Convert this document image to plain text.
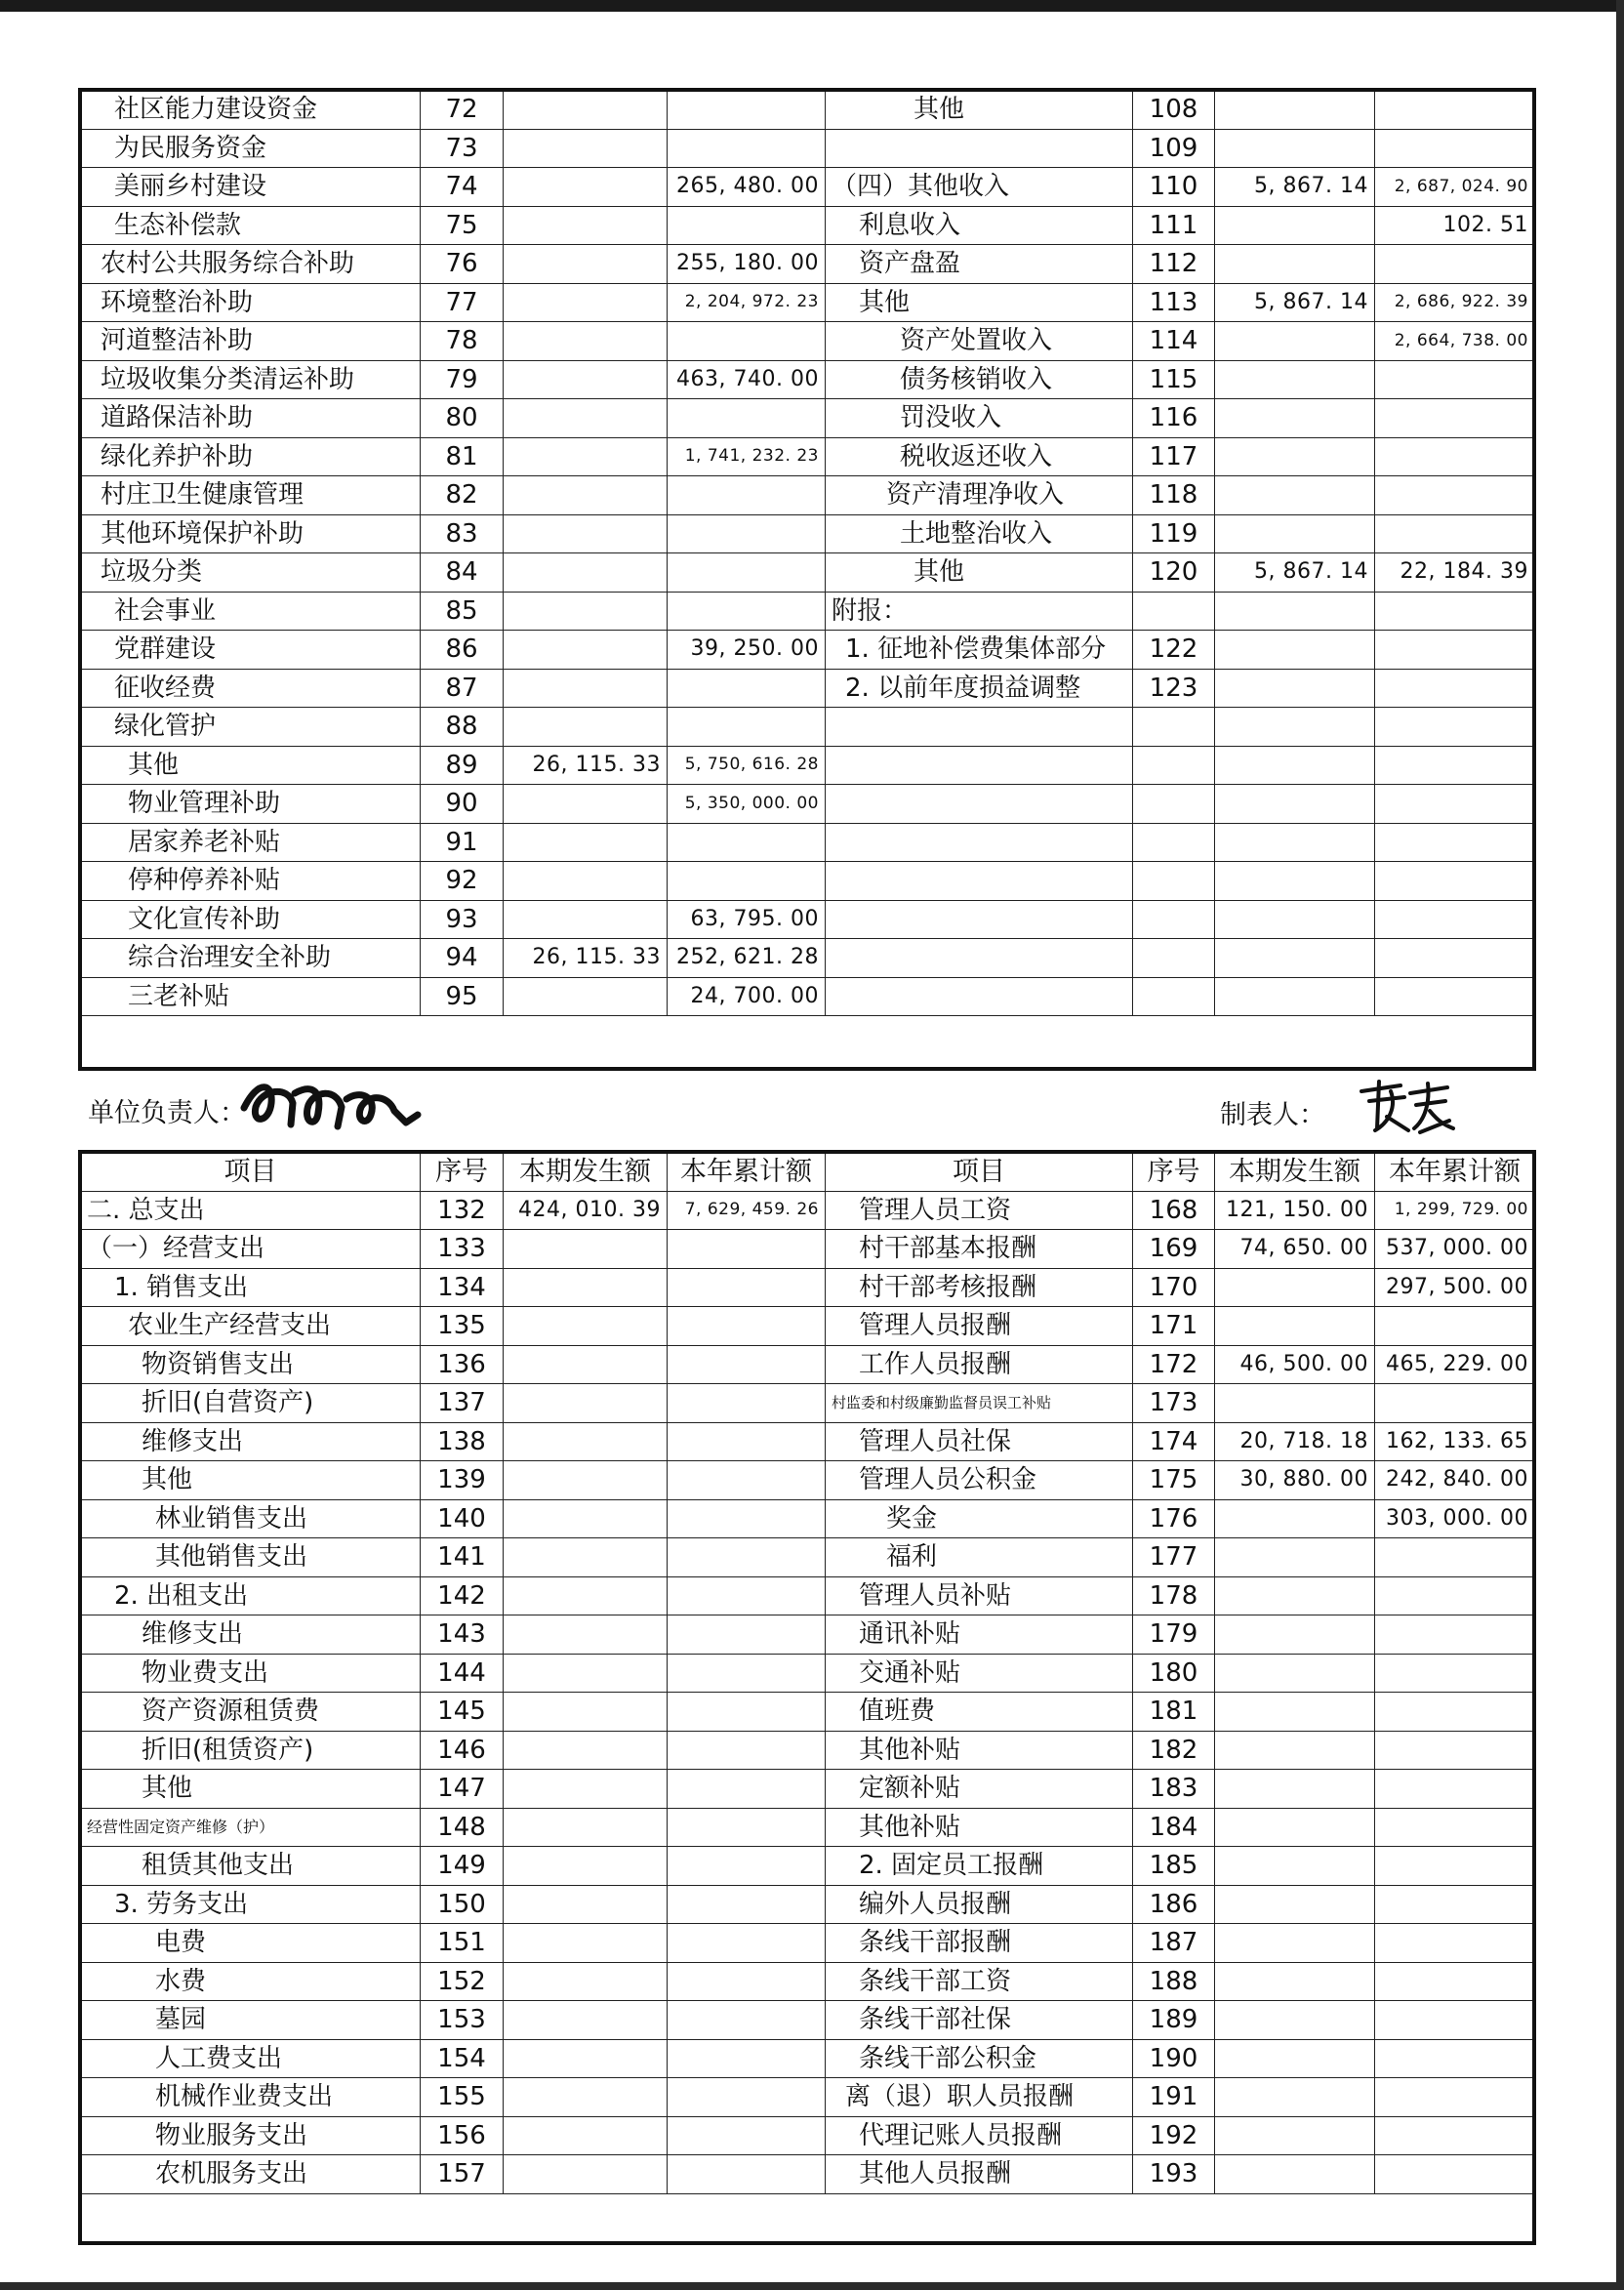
社区能力建设资金	72			其他	108		
为民服务资金	73				109		
美丽乡村建设	74		265, 480. 00	（四）其他收入	110	5, 867. 14	2, 687, 024. 90
生态补偿款	75			利息收入	111		102. 51
农村公共服务综合补助	76		255, 180. 00	资产盘盈	112		
环境整治补助	77		2, 204, 972. 23	其他	113	5, 867. 14	2, 686, 922. 39
河道整洁补助	78			资产处置收入	114		2, 664, 738. 00
垃圾收集分类清运补助	79		463, 740. 00	债务核销收入	115		
道路保洁补助	80			罚没收入	116		
绿化养护补助	81		1, 741, 232. 23	税收返还收入	117		
村庄卫生健康管理	82			资产清理净收入	118		
其他环境保护补助	83			土地整治收入	119		
垃圾分类	84			其他	120	5, 867. 14	22, 184. 39
社会事业	85			附报：			
党群建设	86		39, 250. 00	1. 征地补偿费集体部分	122		
征收经费	87			2. 以前年度损益调整	123		
绿化管护	88						
其他	89	26, 115. 33	5, 750, 616. 28				
物业管理补助	90		5, 350, 000. 00				
居家养老补贴	91						
停种停养补贴	92						
文化宣传补助	93		63, 795. 00				
综合治理安全补助	94	26, 115. 33	252, 621. 28				
三老补贴	95		24, 700. 00				
单位负责人：	制表人：
项目	序号	本期发生额	本年累计额	项目	序号	本期发生额	本年累计额
二. 总支出	132	424, 010. 39	7, 629, 459. 26	管理人员工资	168	121, 150. 00	1, 299, 729. 00
（一）经营支出	133			村干部基本报酬	169	74, 650. 00	537, 000. 00
1. 销售支出	134			村干部考核报酬	170		297, 500. 00
农业生产经营支出	135			管理人员报酬	171		
物资销售支出	136			工作人员报酬	172	46, 500. 00	465, 229. 00
折旧(自营资产)	137			村监委和村级廉勤监督员误工补贴	173		
维修支出	138			管理人员社保	174	20, 718. 18	162, 133. 65
其他	139			管理人员公积金	175	30, 880. 00	242, 840. 00
林业销售支出	140			奖金	176		303, 000. 00
其他销售支出	141			福利	177		
2. 出租支出	142			管理人员补贴	178		
维修支出	143			通讯补贴	179		
物业费支出	144			交通补贴	180		
资产资源租赁费	145			值班费	181		
折旧(租赁资产)	146			其他补贴	182		
其他	147			定额补贴	183		
经营性固定资产维修（护）	148			其他补贴	184		
租赁其他支出	149			2. 固定员工报酬	185		
3. 劳务支出	150			编外人员报酬	186		
电费	151			条线干部报酬	187		
水费	152			条线干部工资	188		
墓园	153			条线干部社保	189		
人工费支出	154			条线干部公积金	190		
机械作业费支出	155			离（退）职人员报酬	191		
物业服务支出	156			代理记账人员报酬	192		
农机服务支出	157			其他人员报酬	193		
